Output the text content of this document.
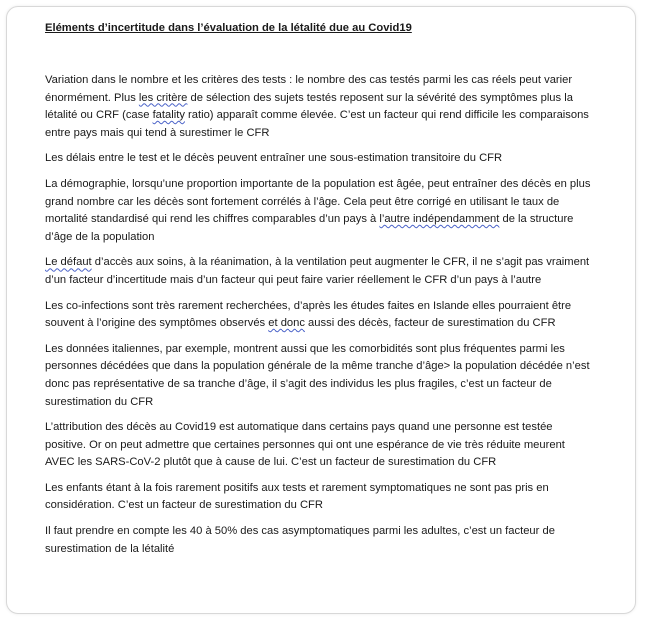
Eléments d’incertitude dans l’évaluation de la létalité due au Covid19

Variation dans le nombre et les critères des tests : le nombre des cas testés parmi les cas réels peut varier énormément. Plus les critère de sélection des sujets testés reposent sur la sévérité des symptômes plus la létalité ou CRF (case fatality ratio) apparaît comme élevée. C’est un facteur qui rend difficile les comparaisons entre pays mais qui tend à surestimer le CFR

Les délais entre le test et le décès peuvent entraîner une sous-estimation transitoire du CFR

La démographie, lorsqu’une proportion importante de la population est âgée, peut entraîner des décès en plus grand nombre car les décès sont fortement corrélés à l’âge. Cela peut être corrigé en utilisant le taux de mortalité standardisé qui rend les chiffres comparables d’un pays à l’autre indépendamment de la structure d’âge de la population

Le défaut d’accès aux soins, à la réanimation, à la ventilation peut augmenter le CFR, il ne s’agit pas vraiment d’un facteur d’incertitude mais d’un facteur qui peut faire varier réellement le CFR d’un pays à l’autre

Les co-infections sont très rarement recherchées, d’après les études faites en Islande elles pourraient être souvent à l’origine des symptômes observés et donc aussi des décès, facteur de surestimation du CFR

Les données italiennes, par exemple, montrent aussi que les comorbidités sont plus fréquentes parmi les personnes décédées que dans la population générale de la même tranche d’âge> la population décédée n’est donc pas représentative de sa tranche d’âge, il s’agit des individus les plus fragiles, c’est un facteur de surestimation du CFR

L’attribution des décès au Covid19 est automatique dans certains pays quand une personne est testée positive. Or on peut admettre que certaines personnes qui ont une espérance de vie très réduite meurent AVEC les SARS-CoV-2 plutôt que à cause de lui. C’est un facteur de surestimation du CFR

Les enfants étant à la fois rarement positifs aux tests et rarement symptomatiques ne sont pas pris en considération. C’est un facteur de surestimation du CFR

Il faut prendre en compte les 40 à 50% des cas asymptomatiques parmi les adultes, c’est un facteur de surestimation de la létalité
